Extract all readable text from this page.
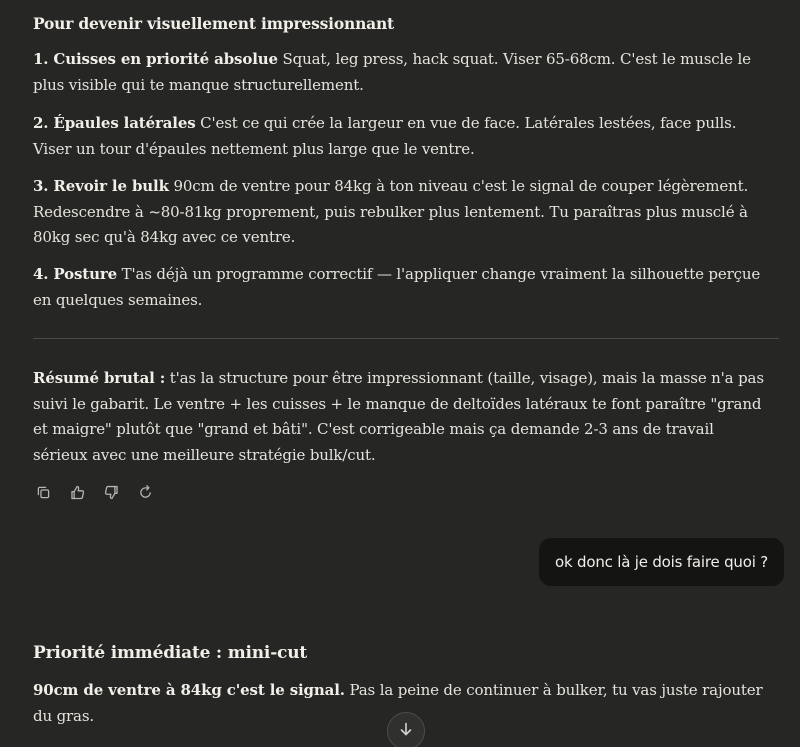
Pour devenir visuellement impressionnant
1. Cuisses en priorité absolue Squat, leg press, hack squat. Viser 65-68cm. C'est le muscle le plus visible qui te manque structurellement.
2. Épaules latérales C'est ce qui crée la largeur en vue de face. Latérales lestées, face pulls. Viser un tour d'épaules nettement plus large que le ventre.
3. Revoir le bulk 90cm de ventre pour 84kg à ton niveau c'est le signal de couper légèrement. Redescendre à ~80-81kg proprement, puis rebulker plus lentement. Tu paraîtras plus musclé à 80kg sec qu'à 84kg avec ce ventre.
4. Posture T'as déjà un programme correctif — l'appliquer change vraiment la silhouette perçue en quelques semaines.
Résumé brutal : t'as la structure pour être impressionnant (taille, visage), mais la masse n'a pas suivi le gabarit. Le ventre + les cuisses + le manque de deltoïdes latéraux te font paraître "grand et maigre" plutôt que "grand et bâti". C'est corrigeable mais ça demande 2-3 ans de travail sérieux avec une meilleure stratégie bulk/cut.
ok donc là je dois faire quoi ?
Priorité immédiate : mini-cut
90cm de ventre à 84kg c'est le signal. Pas la peine de continuer à bulker, tu vas juste rajouter du gras.
